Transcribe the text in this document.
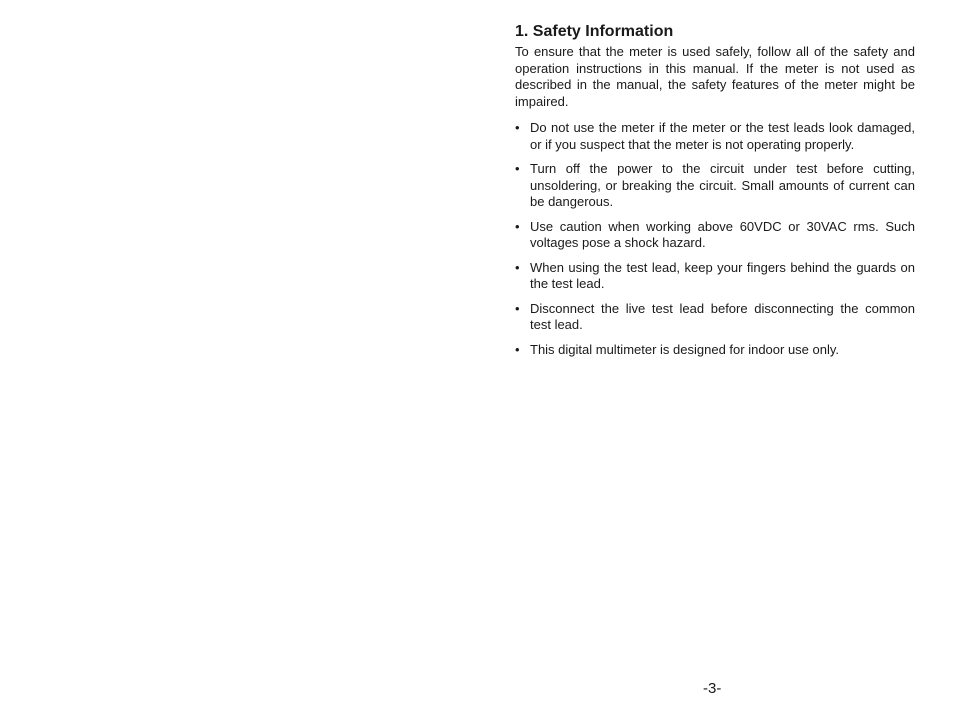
1. Safety Information

To ensure that the meter is used safely, follow all of the safety and operation instructions in this manual. If the meter is not used as described in the manual, the safety features of the meter might be impaired.

• Do not use the meter if the meter or the test leads look damaged, or if you suspect that the meter is not operating properly.
• Turn off the power to the circuit under test before cutting, unsoldering, or breaking the circuit. Small amounts of current can be dangerous.
• Use caution when working above 60VDC or 30VAC rms. Such voltages pose a shock hazard.
• When using the test lead, keep your fingers behind the guards on the test lead.
• Disconnect the live test lead before disconnecting the common test lead.
• This digital multimeter is designed for indoor use only.
-3-
